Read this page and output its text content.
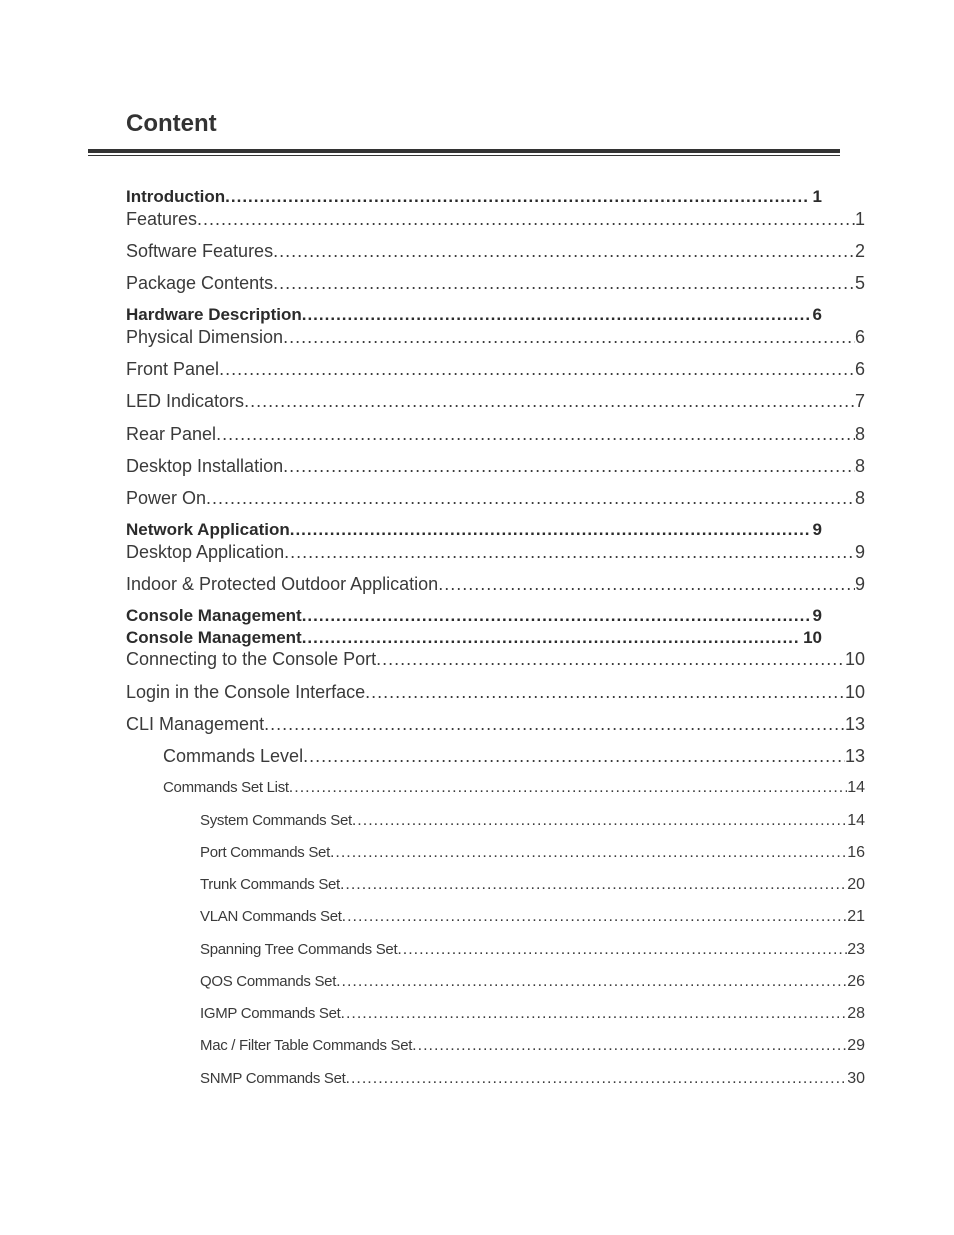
Content
Introduction .....	1
Features .....	1
Software Features .....	2
Package Contents .....	5
Hardware Description .....	6
Physical Dimension .....	6
Front Panel .....	6
LED Indicators .....	7
Rear Panel .....	8
Desktop Installation .....	8
Power On .....	8
Network Application .....	9
Desktop Application .....	9
Indoor & Protected Outdoor Application .....	9
Console Management .....	9
Console Management .....	10
Connecting to the Console Port .....	10
Login in the Console Interface .....	10
CLI Management .....	13
Commands Level .....	13
Commands Set List .....	14
System Commands Set .....	14
Port Commands Set .....	16
Trunk Commands Set .....	20
VLAN Commands Set .....	21
Spanning Tree Commands Set .....	23
QOS Commands Set .....	26
IGMP Commands Set .....	28
Mac / Filter Table Commands Set .....	29
SNMP Commands Set .....	30
